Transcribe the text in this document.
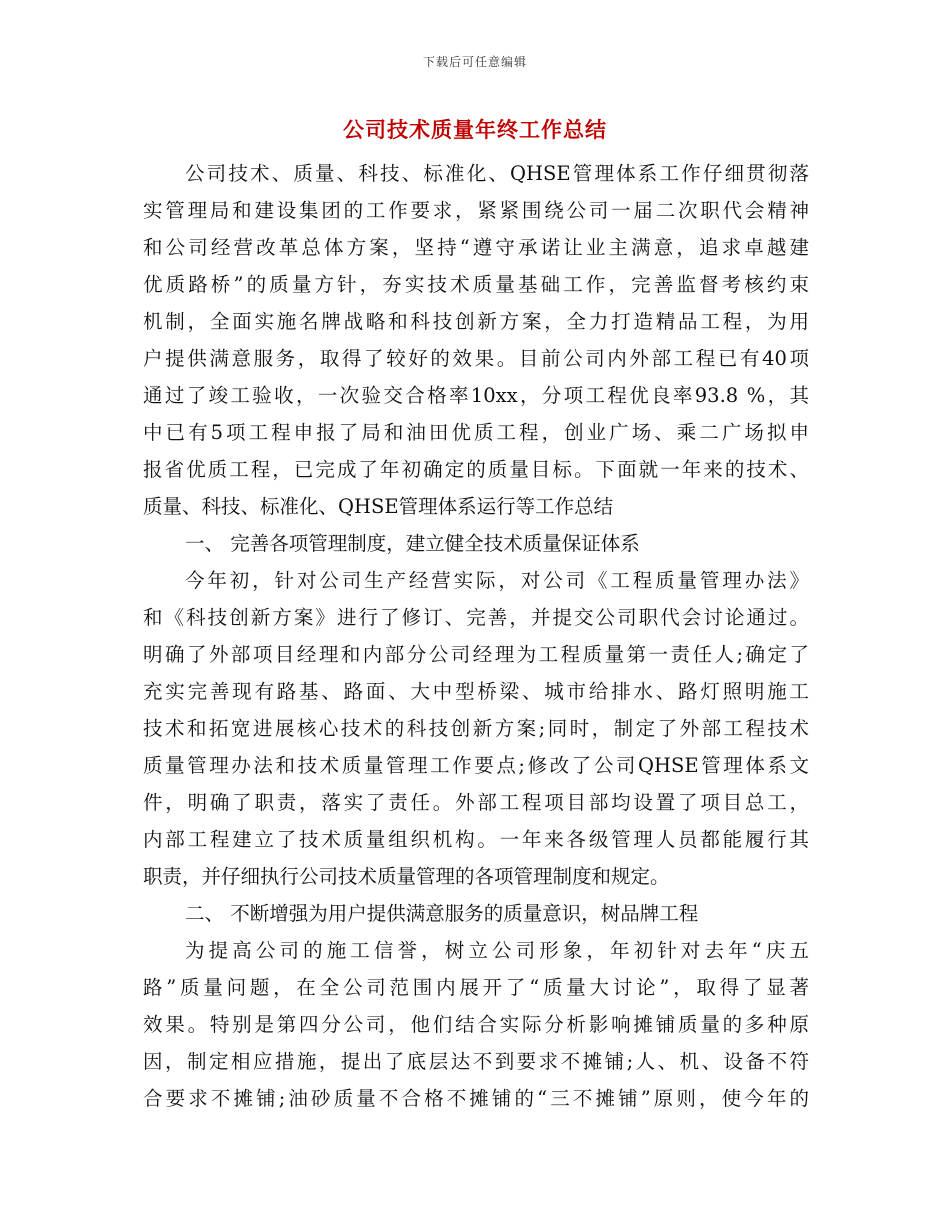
下载后可任意编辑
公司技术质量年终工作总结
公司技术、质量、科技、标准化、QHSE管理体系工作仔细贯彻落
实管理局和建设集团的工作要求，紧紧围绕公司一届二次职代会精神
和公司经营改革总体方案，坚持“遵守承诺让业主满意，追求卓越建
优质路桥”的质量方针，夯实技术质量基础工作，完善监督考核约束
机制，全面实施名牌战略和科技创新方案，全力打造精品工程，为用
户提供满意服务，取得了较好的效果。目前公司内外部工程已有40项
通过了竣工验收，一次验交合格率10xx，分项工程优良率93.8 %，其
中已有5项工程申报了局和油田优质工程，创业广场、乘二广场拟申
报省优质工程，已完成了年初确定的质量目标。下面就一年来的技术、
质量、科技、标准化、QHSE管理体系运行等工作总结
一、 完善各项管理制度，建立健全技术质量保证体系
今年初，针对公司生产经营实际，对公司《工程质量管理办法》
和《科技创新方案》进行了修订、完善，并提交公司职代会讨论通过。
明确了外部项目经理和内部分公司经理为工程质量第一责任人;确定了
充实完善现有路基、路面、大中型桥梁、城市给排水、路灯照明施工
技术和拓宽进展核心技术的科技创新方案;同时，制定了外部工程技术
质量管理办法和技术质量管理工作要点;修改了公司QHSE管理体系文
件，明确了职责，落实了责任。外部工程项目部均设置了项目总工，
内部工程建立了技术质量组织机构。一年来各级管理人员都能履行其
职责，并仔细执行公司技术质量管理的各项管理制度和规定。
二、 不断增强为用户提供满意服务的质量意识，树品牌工程
为提高公司的施工信誉，树立公司形象，年初针对去年“庆五
路”质量问题，在全公司范围内展开了“质量大讨论”，取得了显著
效果。特别是第四分公司，他们结合实际分析影响摊铺质量的多种原
因，制定相应措施，提出了底层达不到要求不摊铺;人、机、设备不符
合要求不摊铺;油砂质量不合格不摊铺的“三不摊铺”原则，使今年的
